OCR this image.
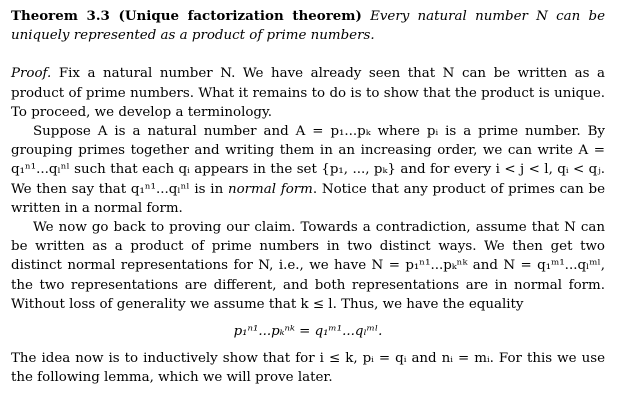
Theorem 3.3 (Unique factorization theorem) Every natural number N can be uniquely represented as a product of prime numbers.

Proof. Fix a natural number N. We have already seen that N can be written as a product of prime numbers. What it remains to do is to show that the product is unique. To proceed, we develop a terminology.

Suppose A is a natural number and A = p₁...pₖ where pᵢ is a prime number. By grouping primes together and writing them in an increasing order, we can write A = q₁ⁿ¹...qₗⁿˡ such that each qᵢ appears in the set {p₁, ..., pₖ} and for every i < j < l, qᵢ < qⱼ. We then say that q₁ⁿ¹...qₗⁿˡ is in normal form. Notice that any product of primes can be written in a normal form.

We now go back to proving our claim. Towards a contradiction, assume that N can be written as a product of prime numbers in two distinct ways. We then get two distinct normal representations for N, i.e., we have N = p₁ⁿ¹...pₖⁿᵏ and N = q₁ᵐ¹...qₗᵐˡ, the two representations are different, and both representations are in normal form. Without loss of generality we assume that k ≤ l. Thus, we have the equality

p₁ⁿ¹...pₖⁿᵏ = q₁ᵐ¹...qₗᵐˡ.

The idea now is to inductively show that for i ≤ k, pᵢ = qᵢ and nᵢ = mᵢ. For this we use the following lemma, which we will prove later.
